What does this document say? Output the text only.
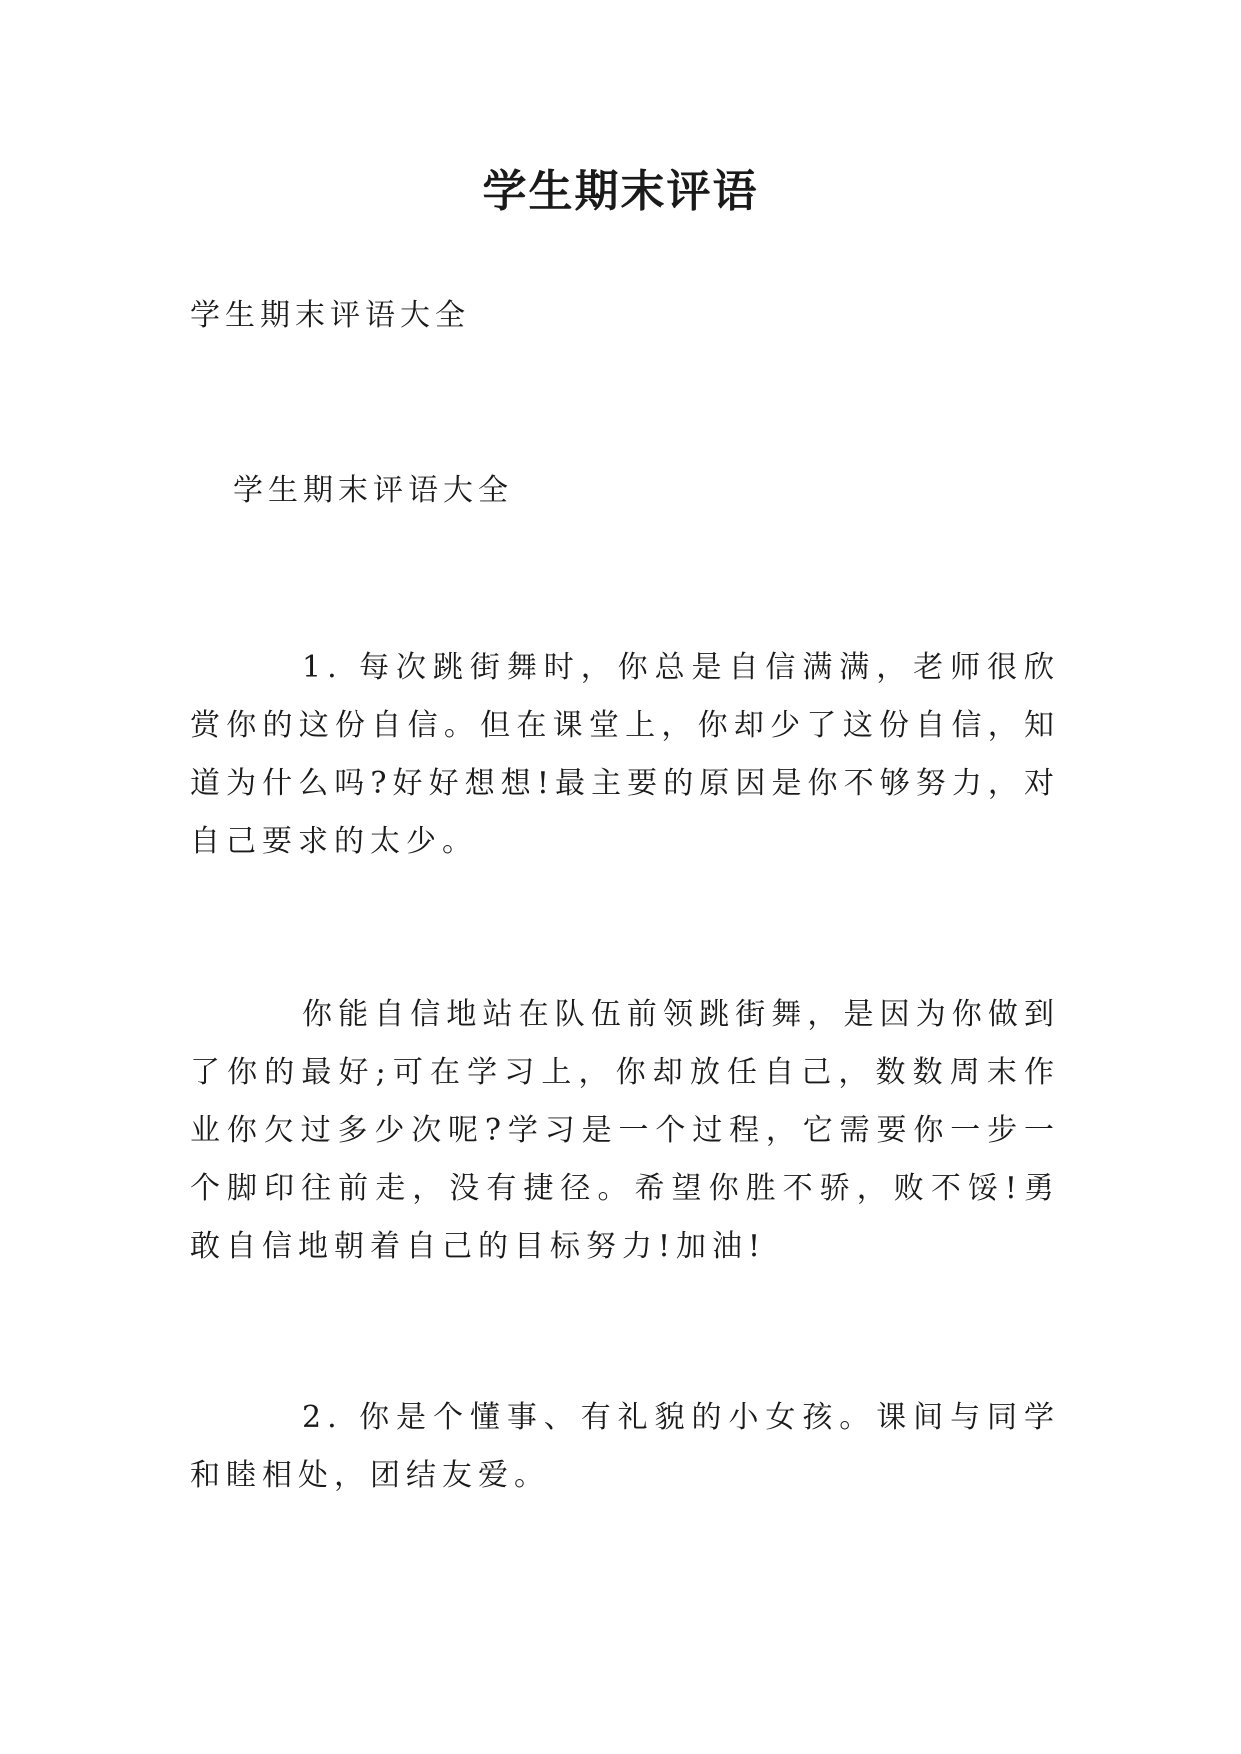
学生期末评语
学生期末评语大全
学生期末评语大全
1. 每次跳街舞时，你总是自信满满，老师很欣赏你的这份自信。但在课堂上，你却少了这份自信，知道为什么吗?好好想想!最主要的原因是你不够努力，对自己要求的太少。
你能自信地站在队伍前领跳街舞，是因为你做到了你的最好;可在学习上，你却放任自己，数数周末作业你欠过多少次呢?学习是一个过程，它需要你一步一个脚印往前走，没有捷径。希望你胜不骄，败不馁!勇敢自信地朝着自己的目标努力!加油!
2. 你是个懂事、有礼貌的小女孩。课间与同学和睦相处，团结友爱。
